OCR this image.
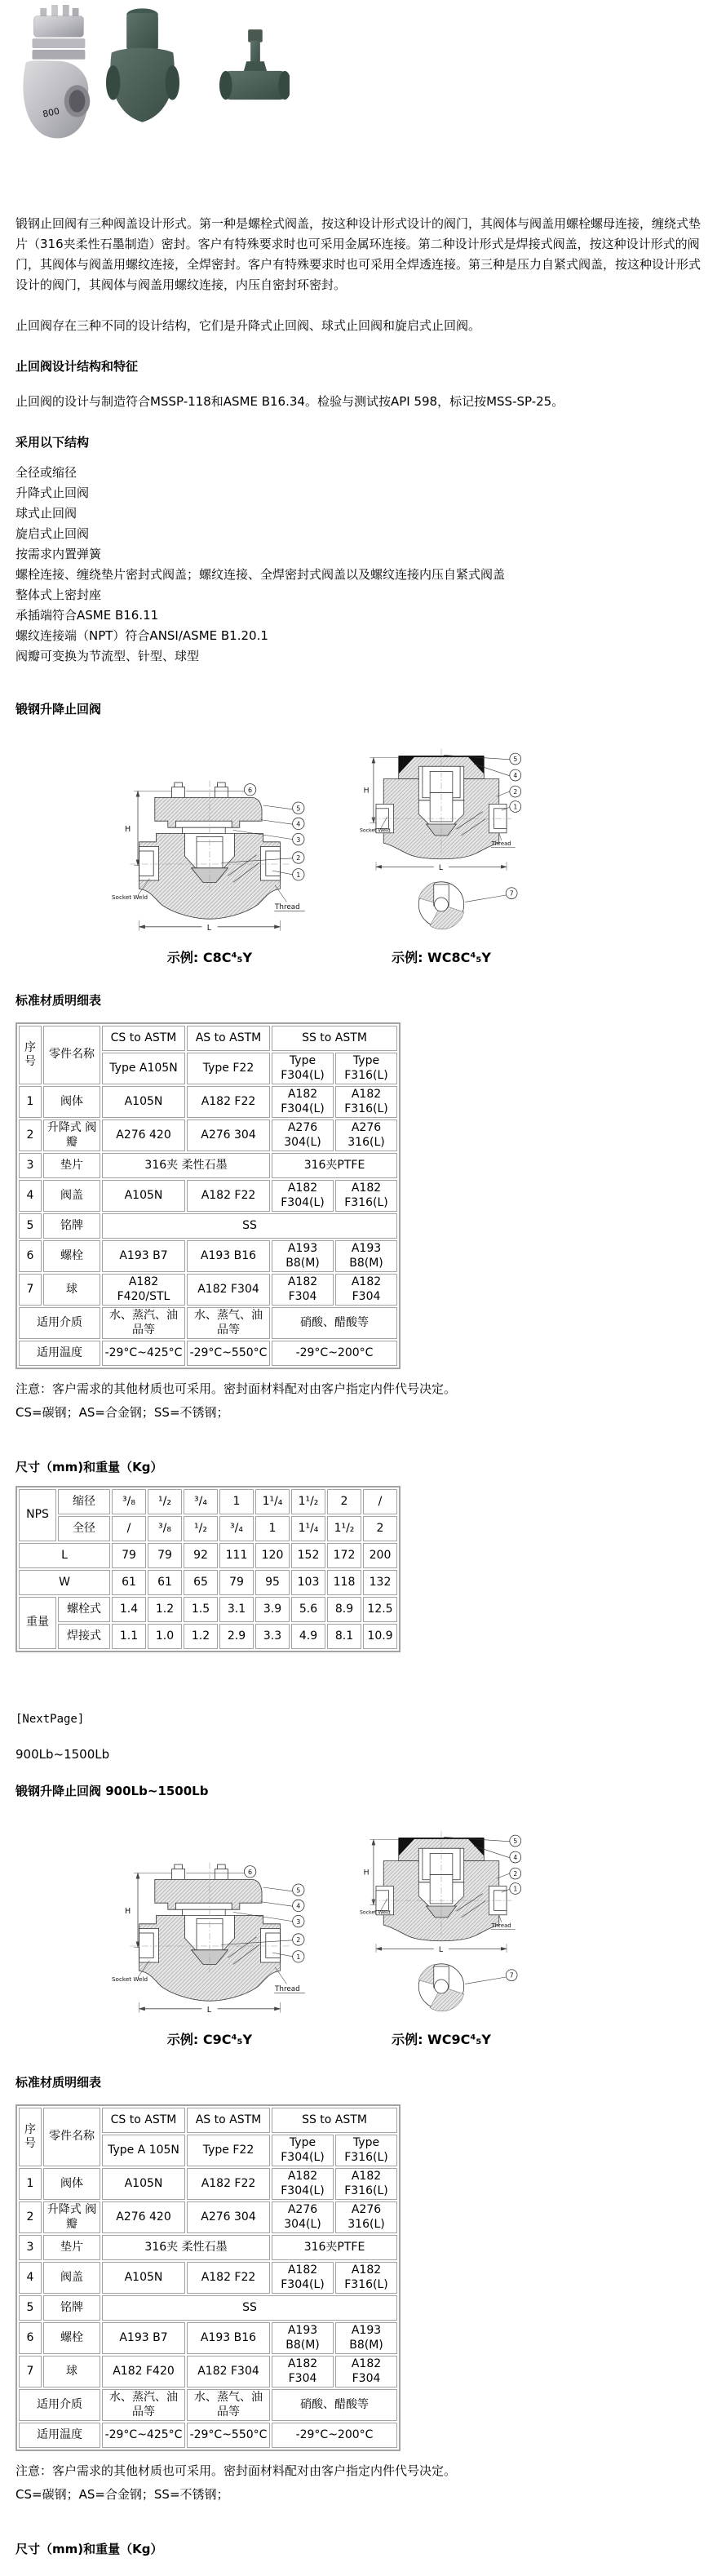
800

锻钢止回阀有三种阀盖设计形式。第一种是螺栓式阀盖，按这种设计形式设计的阀门，其阀体与阀盖用螺栓螺母连接，缠绕式垫片（316夹柔性石墨制造）密封。客户有特殊要求时也可采用金属环连接。第二种设计形式是焊接式阀盖，按这种设计形式的阀门，其阀体与阀盖用螺纹连接，全焊密封。客户有特殊要求时也可采用全焊透连接。第三种是压力自紧式阀盖，按这种设计形式设计的阀门，其阀体与阀盖用螺纹连接，内压自密封环密封。

止回阀存在三种不同的设计结构，它们是升降式止回阀、球式止回阀和旋启式止回阀。

止回阀设计结构和特征

止回阀的设计与制造符合MSSP-118和ASME B16.34。检验与测试按API 598，标记按MSS-SP-25。

采用以下结构
全径或缩径
升降式止回阀
球式止回阀
旋启式止回阀
按需求内置弹簧
螺栓连接、缠绕垫片密封式阀盖；螺纹连接、全焊密封式阀盖以及螺纹连接内压自紧式阀盖
整体式上密封座
承插端符合ASME B16.11
螺纹连接端（NPT）符合ANSI/ASME B1.20.1
阀瓣可变换为节流型、针型、球型
锻钢升降止回阀
H
L
Socket Weld
Thread
6
5
4
3
2
1
示例: C8C⁴₅Y
H
L
Socket Weld
Thread
5
4
2
1
7
示例: WC8C⁴₅Y
标准材质明细表
序号	零件名称	CS to ASTM	AS to ASTM	SS to ASTM	
		Type A105N	Type F22	Type F304(L)	Type F316(L)
1	阀体	A105N	A182 F22	A182 F304(L)	A182 F316(L)
2	升降式 阀瓣	A276 420	A276 304	A276 304(L)	A276 316(L)
3	垫片	316夹 柔性石墨		316夹PTFE	
4	阀盖	A105N	A182 F22	A182 F304(L)	A182 F316(L)
5	铭牌	SS			
6	螺栓	A193 B7	A193 B16	A193 B8(M)	A193 B8(M)
7	球	A182 F420/STL	A182 F304	A182 F304	A182 F304
适用介质		水、蒸汽、油品等	水、蒸气、油品等	硝酸、醋酸等	
适用温度		-29°C~425°C	-29°C~550°C	-29°C~200°C	

注意：客户需求的其他材质也可采用。密封面材料配对由客户指定内件代号决定。

CS=碳钢；AS=合金钢；SS=不锈钢；

尺寸（mm)和重量（Kg）
NPS	缩径	³/₈	¹/₂	³/₄	1	1¹/₄	1¹/₂	2	/
	全径	/	³/₈	¹/₂	³/₄	1	1¹/₄	1¹/₂	2
L		79	79	92	111	120	152	172	200
W		61	61	65	79	95	103	118	132
重量	螺栓式	1.4	1.2	1.5	3.1	3.9	5.6	8.9	12.5
	焊接式	1.1	1.0	1.2	2.9	3.3	4.9	8.1	10.9
[NextPage]

900Lb~1500Lb

锻钢升降止回阀 900Lb~1500Lb
H
L
Socket Weld
Thread
6
5
4
3
2
1
示例: C9C⁴₅Y
H
L
Socket Weld
Thread
5
4
2
1
7
示例: WC9C⁴₅Y
标准材质明细表
序号	零件名称	CS to ASTM	AS to ASTM	SS to ASTM	
		Type A 105N	Type F22	Type F304(L)	Type F316(L)
1	阀体	A105N	A182 F22	A182 F304(L)	A182 F316(L)
2	升降式 阀瓣	A276 420	A276 304	A276 304(L)	A276 316(L)
3	垫片	316夹 柔性石墨		316夹PTFE	
4	阀盖	A105N	A182 F22	A182 F304(L)	A182 F316(L)
5	铭牌	SS			
6	螺栓	A193 B7	A193 B16	A193 B8(M)	A193 B8(M)
7	球	A182 F420	A182 F304	A182 F304	A182 F304
适用介质		水、蒸汽、油品等	水、蒸气、油品等	硝酸、醋酸等	
适用温度		-29°C~425°C	-29°C~550°C	-29°C~200°C	

注意：客户需求的其他材质也可采用。密封面材料配对由客户指定内件代号决定。

CS=碳钢；AS=合金钢；SS=不锈钢；

尺寸（mm)和重量（Kg）
